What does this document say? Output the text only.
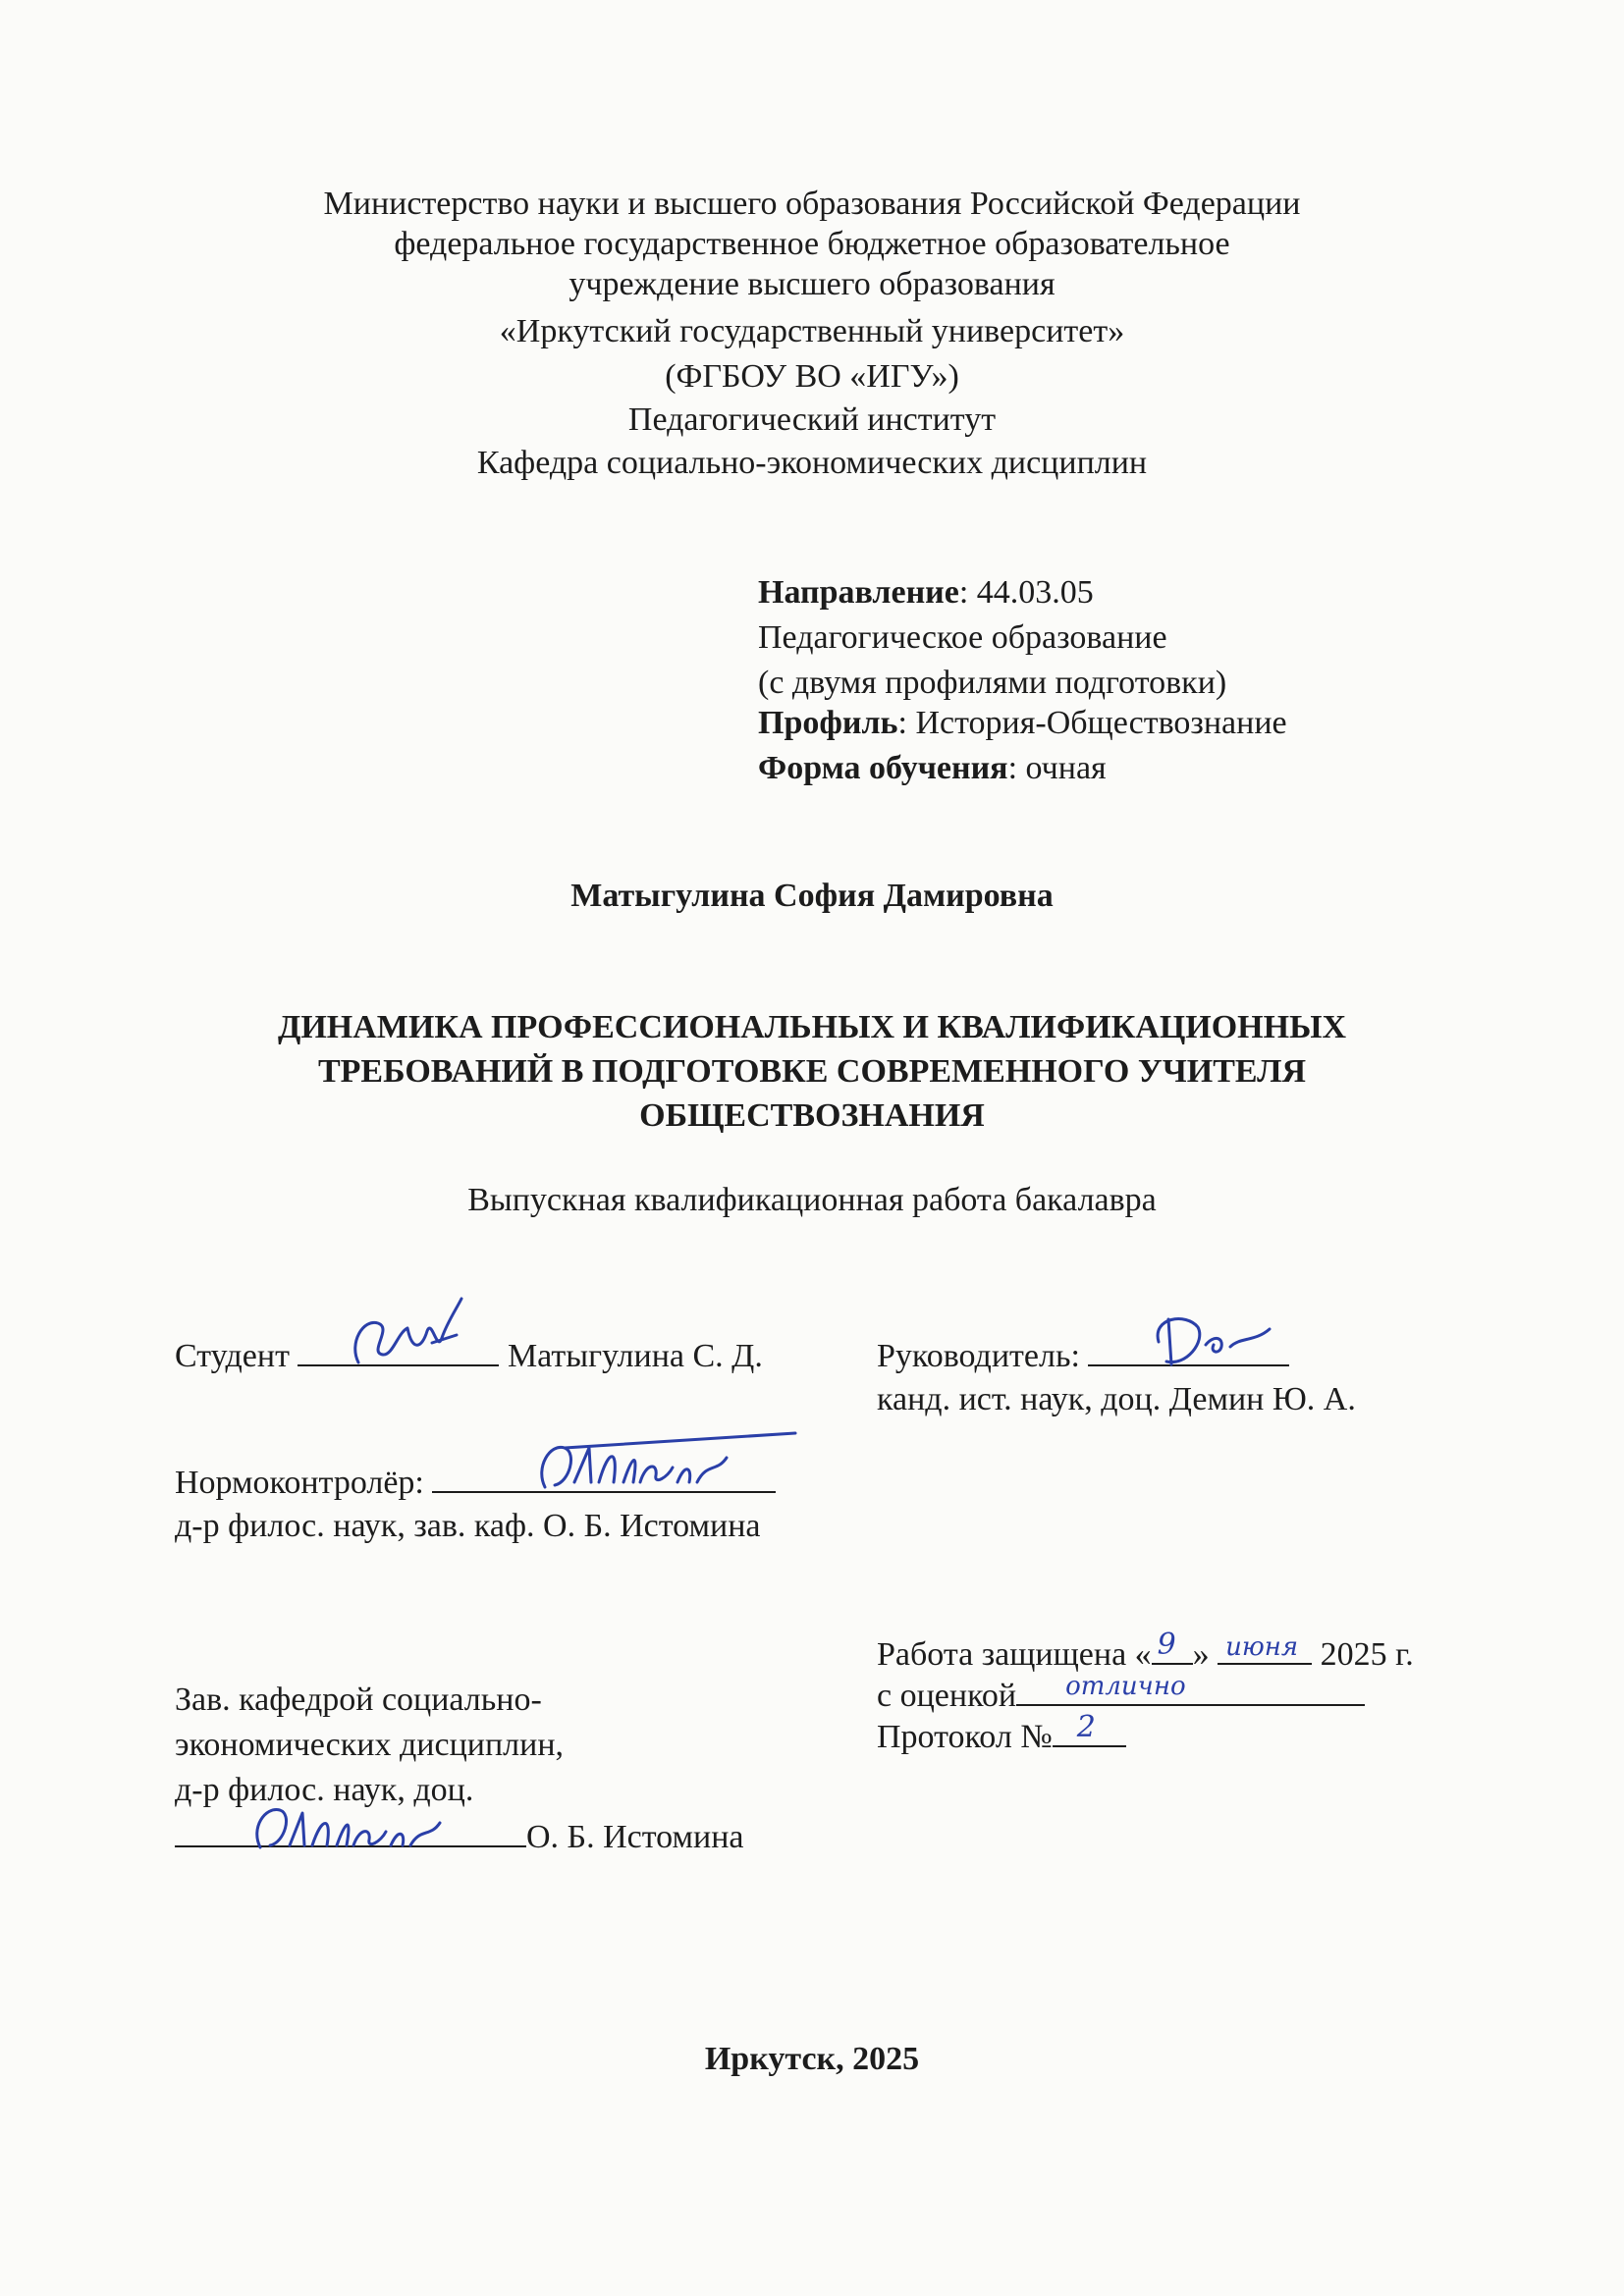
Министерство науки и высшего образования Российской Федерации
федеральное государственное бюджетное образовательное
учреждение высшего образования
«Иркутский государственный университет»
(ФГБОУ ВО «ИГУ»)
Педагогический институт
Кафедра социально-экономических дисциплин
Направление: 44.03.05
Педагогическое образование
(с двумя профилями подготовки)
Профиль: История-Обществознание
Форма обучения: очная
Матыгулина София Дамировна
ДИНАМИКА ПРОФЕССИОНАЛЬНЫХ И КВАЛИФИКАЦИОННЫХ
ТРЕБОВАНИЙ В ПОДГОТОВКЕ СОВРЕМЕННОГО УЧИТЕЛЯ
ОБЩЕСТВОЗНАНИЯ
Выпускная квалификационная работа бакалавра
Студент	Матыгулина С. Д.	Руководитель:
канд. ист. наук, доц. Демин Ю. А.
Нормоконтролёр:
д-р филос. наук, зав. каф. О. Б. Истомина
Работа защищена « 9 » июня 2025 г.
с оценкой отлично
Протокол № 2
Зав. кафедрой социально-
экономических дисциплин,
д-р филос. наук, доц.
О. Б. Истомина
Иркутск, 2025
